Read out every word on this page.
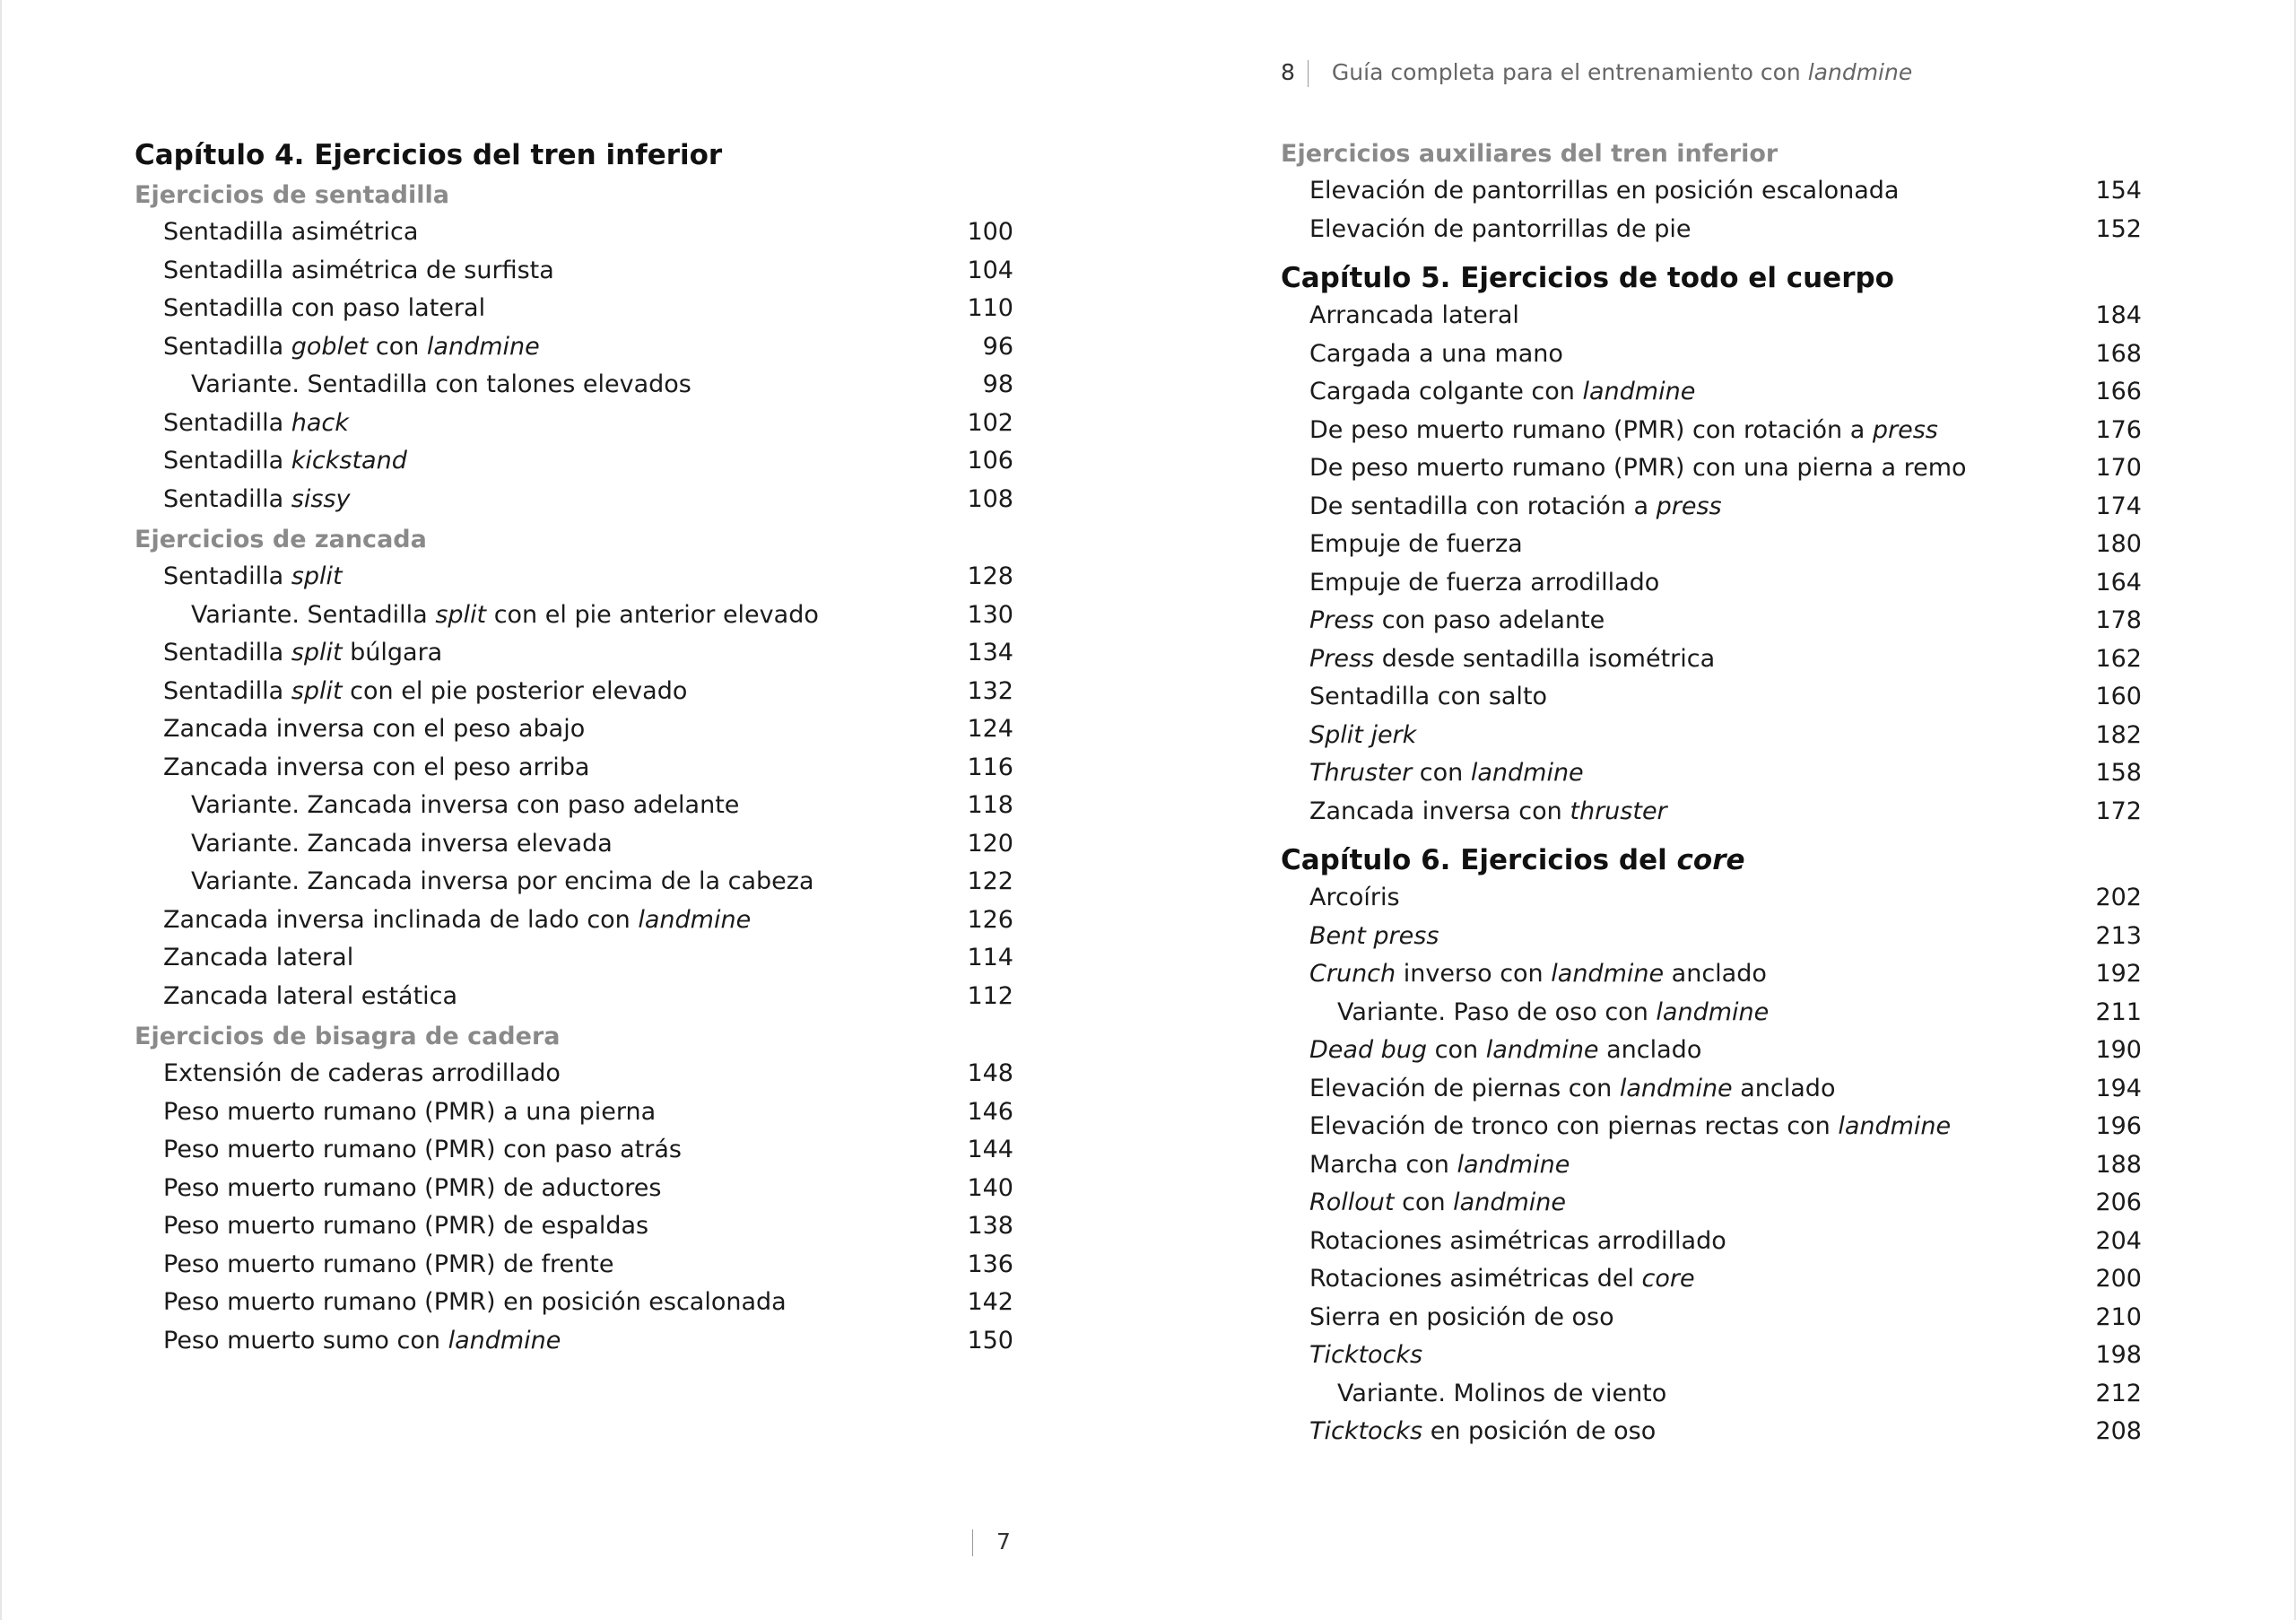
Capítulo 4. Ejercicios del tren inferior
Ejercicios de sentadilla
Sentadilla asimétrica	100
Sentadilla asimétrica de surfista	104
Sentadilla con paso lateral	110
Sentadilla goblet con landmine	96
Variante. Sentadilla con talones elevados	98
Sentadilla hack	102
Sentadilla kickstand	106
Sentadilla sissy	108
Ejercicios de zancada
Sentadilla split	128
Variante. Sentadilla split con el pie anterior elevado	130
Sentadilla split búlgara	134
Sentadilla split con el pie posterior elevado	132
Zancada inversa con el peso abajo	124
Zancada inversa con el peso arriba	116
Variante. Zancada inversa con paso adelante	118
Variante. Zancada inversa elevada	120
Variante. Zancada inversa por encima de la cabeza	122
Zancada inversa inclinada de lado con landmine	126
Zancada lateral	114
Zancada lateral estática	112
Ejercicios de bisagra de cadera
Extensión de caderas arrodillado	148
Peso muerto rumano (PMR) a una pierna	146
Peso muerto rumano (PMR) con paso atrás	144
Peso muerto rumano (PMR) de aductores	140
Peso muerto rumano (PMR) de espaldas	138
Peso muerto rumano (PMR) de frente	136
Peso muerto rumano (PMR) en posición escalonada	142
Peso muerto sumo con landmine	150
7
8 Guía completa para el entrenamiento con landmine
Ejercicios auxiliares del tren inferior
Elevación de pantorrillas en posición escalonada	154
Elevación de pantorrillas de pie	152
Capítulo 5. Ejercicios de todo el cuerpo
Arrancada lateral	184
Cargada a una mano	168
Cargada colgante con landmine	166
De peso muerto rumano (PMR) con rotación a press	176
De peso muerto rumano (PMR) con una pierna a remo	170
De sentadilla con rotación a press	174
Empuje de fuerza	180
Empuje de fuerza arrodillado	164
Press con paso adelante	178
Press desde sentadilla isométrica	162
Sentadilla con salto	160
Split jerk	182
Thruster con landmine	158
Zancada inversa con thruster	172
Capítulo 6. Ejercicios del core
Arcoíris	202
Bent press	213
Crunch inverso con landmine anclado	192
Variante. Paso de oso con landmine	211
Dead bug con landmine anclado	190
Elevación de piernas con landmine anclado	194
Elevación de tronco con piernas rectas con landmine	196
Marcha con landmine	188
Rollout con landmine	206
Rotaciones asimétricas arrodillado	204
Rotaciones asimétricas del core	200
Sierra en posición de oso	210
Ticktocks	198
Variante. Molinos de viento	212
Ticktocks en posición de oso	208
